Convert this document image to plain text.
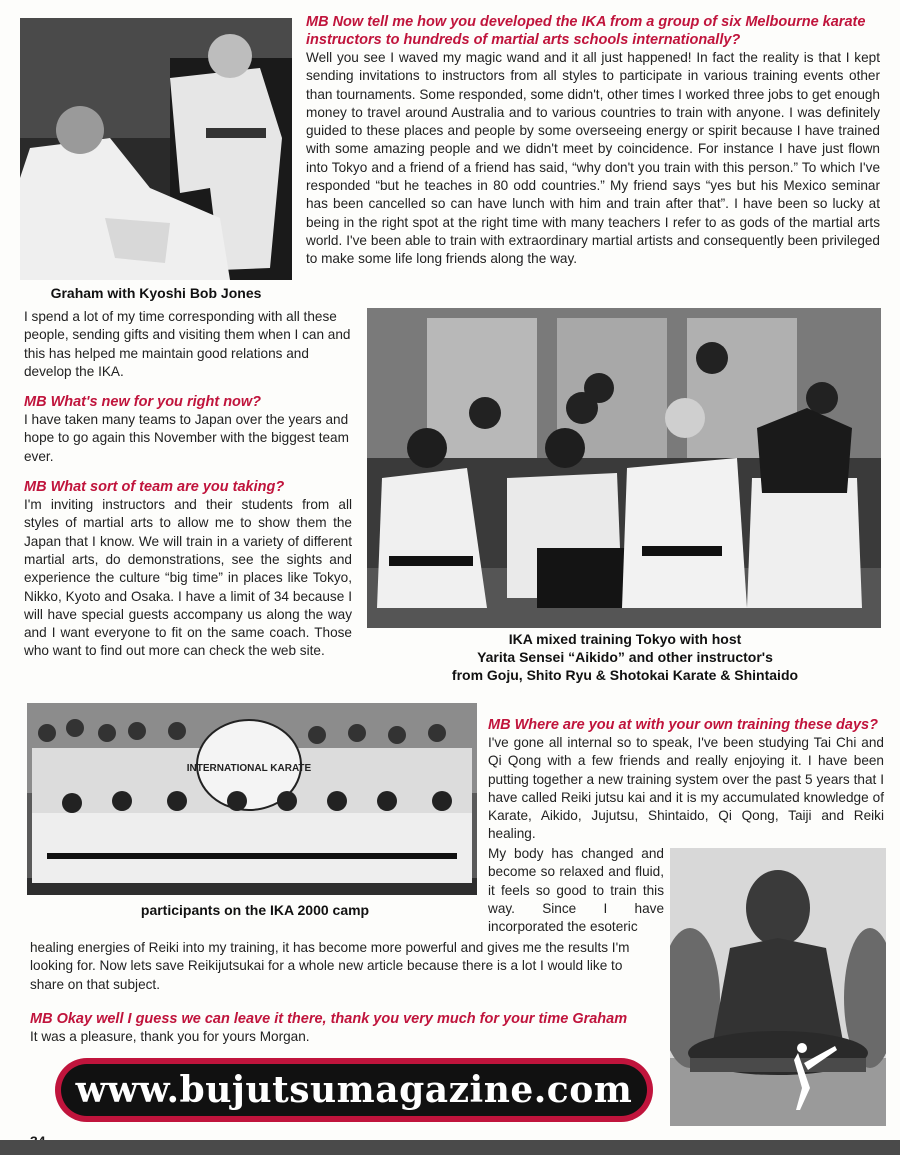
Graham with Kyoshi Bob Jones
MB Now tell me how you developed the IKA from a group of six Melbourne karate instructors to hundreds of martial arts schools internationally?
Well you see I waved my magic wand and it all just happened! In fact the reality is that I kept sending invitations to instructors from all styles to participate in various training events other than tournaments. Some responded, some didn't, other times I worked three jobs to get enough money to travel around Australia and to various countries to train with anyone. I was definitely guided to these places and people by some overseeing energy or spirit because I have trained with some amazing people and we didn't meet by coincidence. For instance I have just flown into Tokyo and a friend of a friend has said, “why don't you train with this person.” To which I've responded “but he teaches in 80 odd countries.” My friend says “yes but his Mexico seminar has been cancelled so can have lunch with him and train after that”. I have been so lucky at being in the right spot at the right time with many teachers I refer to as gods of the martial arts world. I've been able to train with extraordinary martial artists and consequently been privileged to make some life long friends along the way.
I spend a lot of my time corresponding with all these people, sending gifts and visiting them when I can and this has helped me maintain good relations and develop the IKA.
MB What's new for you right now?
I have taken many teams to Japan over the years and hope to go again this November with the biggest team ever.
MB What sort of team are you taking?
I'm inviting instructors and their students from all styles of martial arts to allow me to show them the Japan that I know. We will train in a variety of different martial arts, do demonstrations, see the sights and experience the culture “big time” in places like Tokyo, Nikko, Kyoto and Osaka. I have a limit of 34 because I will have special guests accompany us along the way and I want everyone to fit on the same coach. Those who want to find out more can check the web site.
IKA mixed training Tokyo with host
Yarita Sensei “Aikido” and other instructor's
from Goju, Shito Ryu & Shotokai Karate & Shintaido
INTERNATIONAL KARATE
participants on the IKA 2000 camp
MB Where are you at with your own training these days?
I've gone all internal so to speak, I've been studying Tai Chi and Qi Qong with a few friends and really enjoying it. I have been putting together a new training system over the past 5 years that I have called Reiki jutsu kai and it is my accumulated knowledge of Karate, Aikido, Jujutsu, Shintaido, Qi Qong, Taiji and Reiki healing.
My body has changed and become so relaxed and fluid, it feels so good to train this way. Since I have incorporated the esoteric
healing energies of Reiki into my training, it has become more powerful and gives me the results I'm looking for. Now lets save Reikijutsukai for a whole new article because there is a lot I would like to share on that subject.
MB Okay well I guess we can leave it there, thank you very much for your time Graham
It was a pleasure, thank you for yours Morgan.
www.bujutsumagazine.com
